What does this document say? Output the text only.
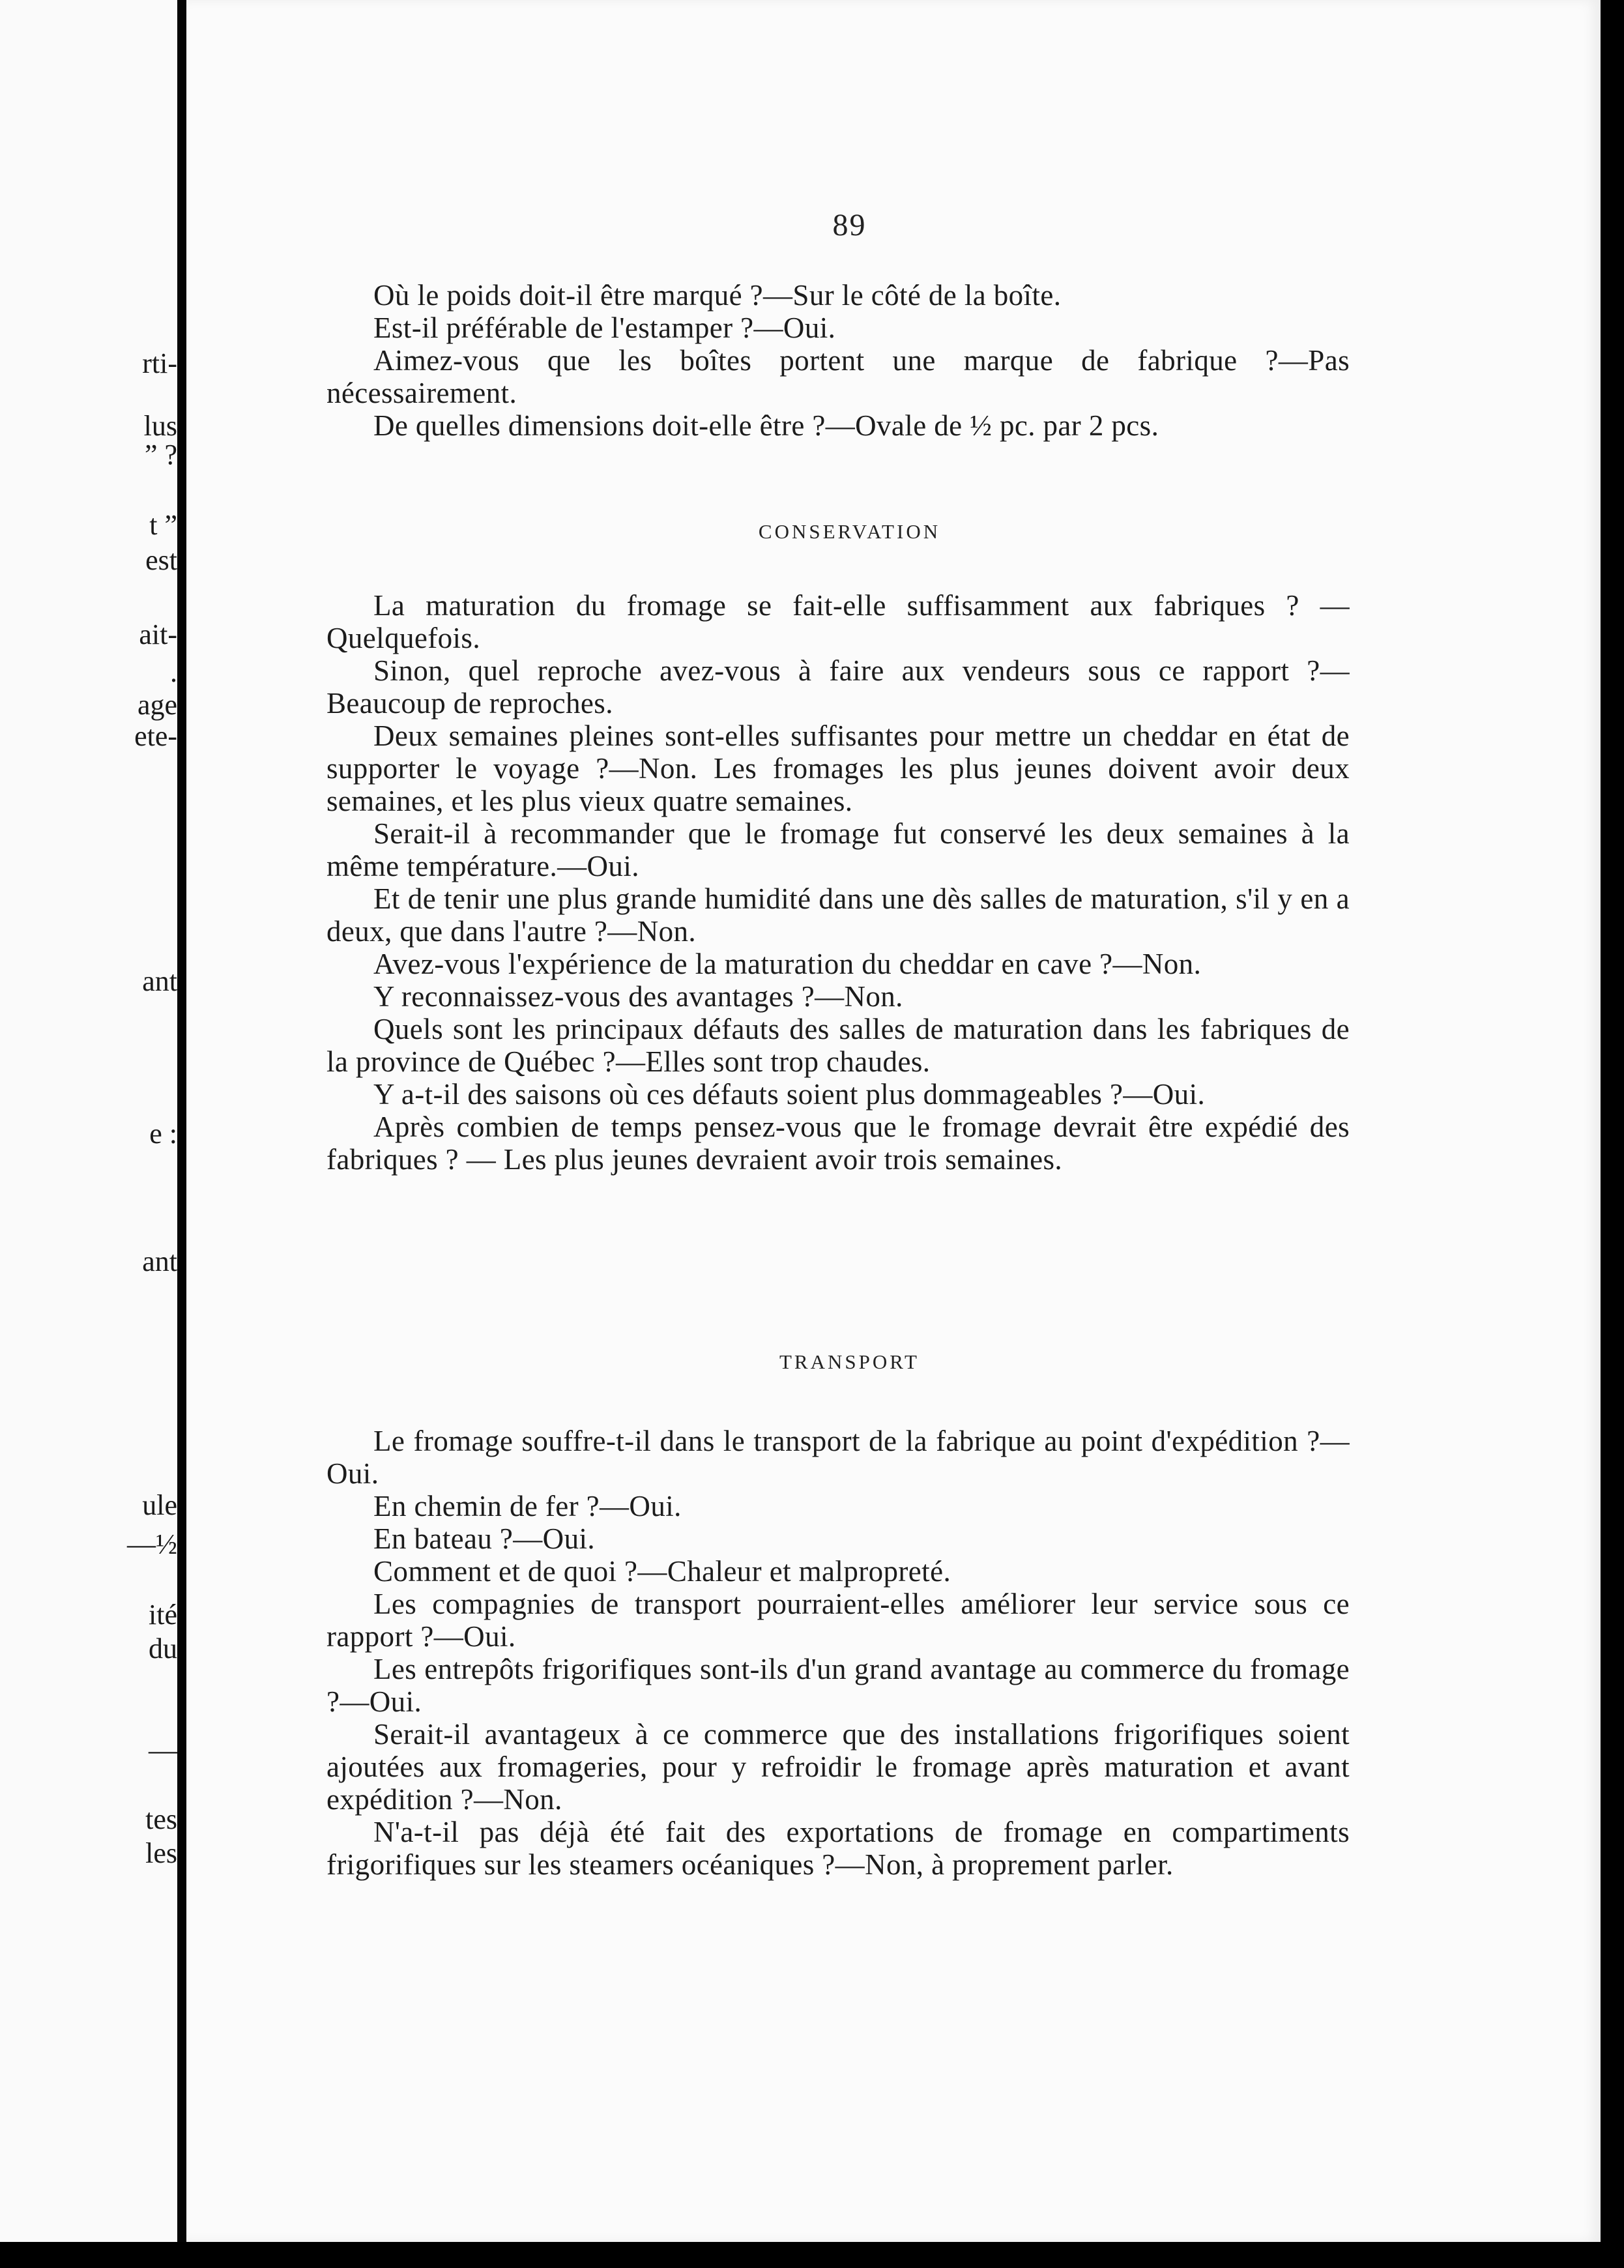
rti-
lus
” ?
t ”
est
ait-
.
age
ete-
ant
e :
ant
ule
—½
ité
du
—
tes
les
89

Où le poids doit-il être marqué ?—Sur le côté de la boîte.

Est-il préférable de l'estamper ?—Oui.

Aimez-vous que les boîtes portent une marque de fabrique ?—Pas nécessairement.

De quelles dimensions doit-elle être ?—Ovale de ½ pc. par 2 pcs.

CONSERVATION

La maturation du fromage se fait-elle suffisamment aux fabriques ? —Quelquefois.

Sinon, quel reproche avez-vous à faire aux vendeurs sous ce rapport ?—Beaucoup de reproches.

Deux semaines pleines sont-elles suffisantes pour mettre un cheddar en état de supporter le voyage ?—Non. Les fromages les plus jeunes doivent avoir deux semaines, et les plus vieux quatre semaines.

Serait-il à recommander que le fromage fut conservé les deux semaines à la même température.—Oui.

Et de tenir une plus grande humidité dans une dès salles de maturation, s'il y en a deux, que dans l'autre ?—Non.

Avez-vous l'expérience de la maturation du cheddar en cave ?—Non.

Y reconnaissez-vous des avantages ?—Non.

Quels sont les principaux défauts des salles de maturation dans les fabriques de la province de Québec ?—Elles sont trop chaudes.

Y a-t-il des saisons où ces défauts soient plus dommageables ?—Oui.

Après combien de temps pensez-vous que le fromage devrait être expédié des fabriques ? — Les plus jeunes devraient avoir trois semaines.

TRANSPORT

Le fromage souffre-t-il dans le transport de la fabrique au point d'expédition ?—Oui.

En chemin de fer ?—Oui.

En bateau ?—Oui.

Comment et de quoi ?—Chaleur et malpropreté.

Les compagnies de transport pourraient-elles améliorer leur service sous ce rapport ?—Oui.

Les entrepôts frigorifiques sont-ils d'un grand avantage au commerce du fromage ?—Oui.

Serait-il avantageux à ce commerce que des installations frigorifiques soient ajoutées aux fromageries, pour y refroidir le fromage après maturation et avant expédition ?—Non.

N'a-t-il pas déjà été fait des exportations de fromage en compartiments frigorifiques sur les steamers océaniques ?—Non, à proprement parler.
